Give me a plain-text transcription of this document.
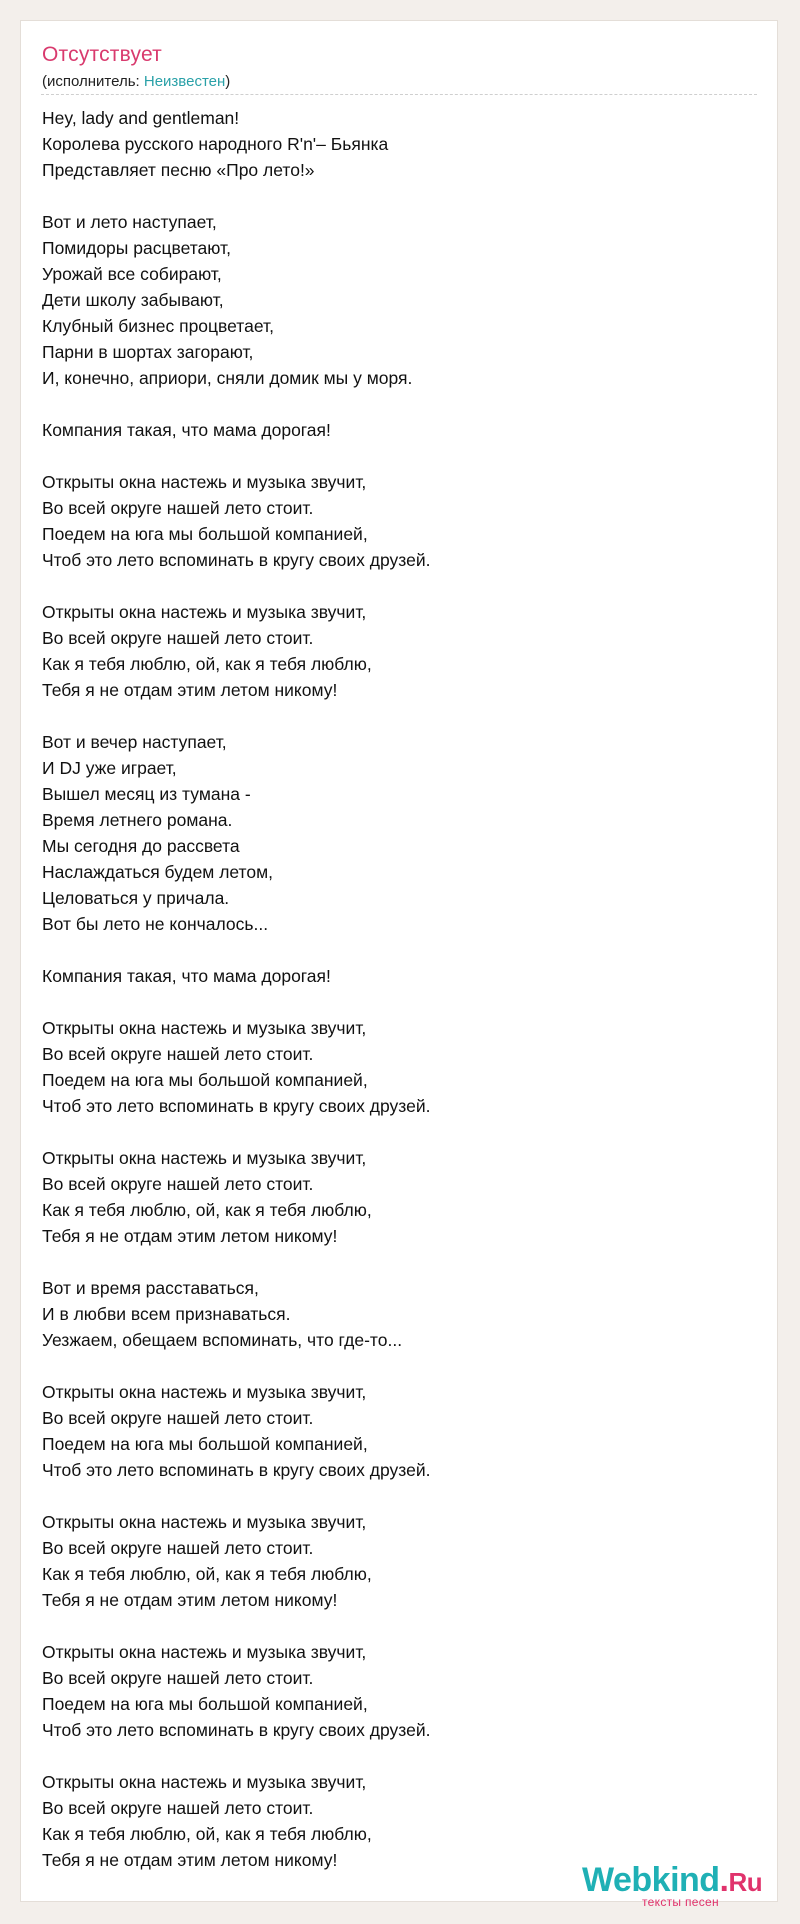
Отсутствует
(исполнитель: Неизвестен)
Hey, lady and gentleman!
Королева русского народного R'n'– Бьянка
Представляет песню «Про лето!»
Вот и лето наступает,
Помидоры расцветают,
Урожай все собирают,
Дети школу забывают,
Клубный бизнес процветает,
Парни в шортах загорают,
И, конечно, априори, сняли домик мы у моря.
Компания такая, что мама дорогая!
Открыты окна настежь и музыка звучит,
Во всей округе нашей лето стоит.
Поедем на юга мы большой компанией,
Чтоб это лето вспоминать в кругу своих друзей.
Открыты окна настежь и музыка звучит,
Во всей округе нашей лето стоит.
Как я тебя люблю, ой, как я тебя люблю,
Тебя я не отдам этим летом никому!
Вот и вечер наступает,
И DJ уже играет,
Вышел месяц из тумана -
Время летнего романа.
Мы сегодня до рассвета
Наслаждаться будем летом,
Целоваться у причала.
Вот бы лето не кончалось...
Компания такая, что мама дорогая!
Открыты окна настежь и музыка звучит,
Во всей округе нашей лето стоит.
Поедем на юга мы большой компанией,
Чтоб это лето вспоминать в кругу своих друзей.
Открыты окна настежь и музыка звучит,
Во всей округе нашей лето стоит.
Как я тебя люблю, ой, как я тебя люблю,
Тебя я не отдам этим летом никому!
Вот и время расставаться,
И в любви всем признаваться.
Уезжаем, обещаем вспоминать, что где-то...
Открыты окна настежь и музыка звучит,
Во всей округе нашей лето стоит.
Поедем на юга мы большой компанией,
Чтоб это лето вспоминать в кругу своих друзей.
Открыты окна настежь и музыка звучит,
Во всей округе нашей лето стоит.
Как я тебя люблю, ой, как я тебя люблю,
Тебя я не отдам этим летом никому!
Открыты окна настежь и музыка звучит,
Во всей округе нашей лето стоит.
Поедем на юга мы большой компанией,
Чтоб это лето вспоминать в кругу своих друзей.
Открыты окна настежь и музыка звучит,
Во всей округе нашей лето стоит.
Как я тебя люблю, ой, как я тебя люблю,
Тебя я не отдам этим летом никому!
Webkind.Ru
тексты песен
